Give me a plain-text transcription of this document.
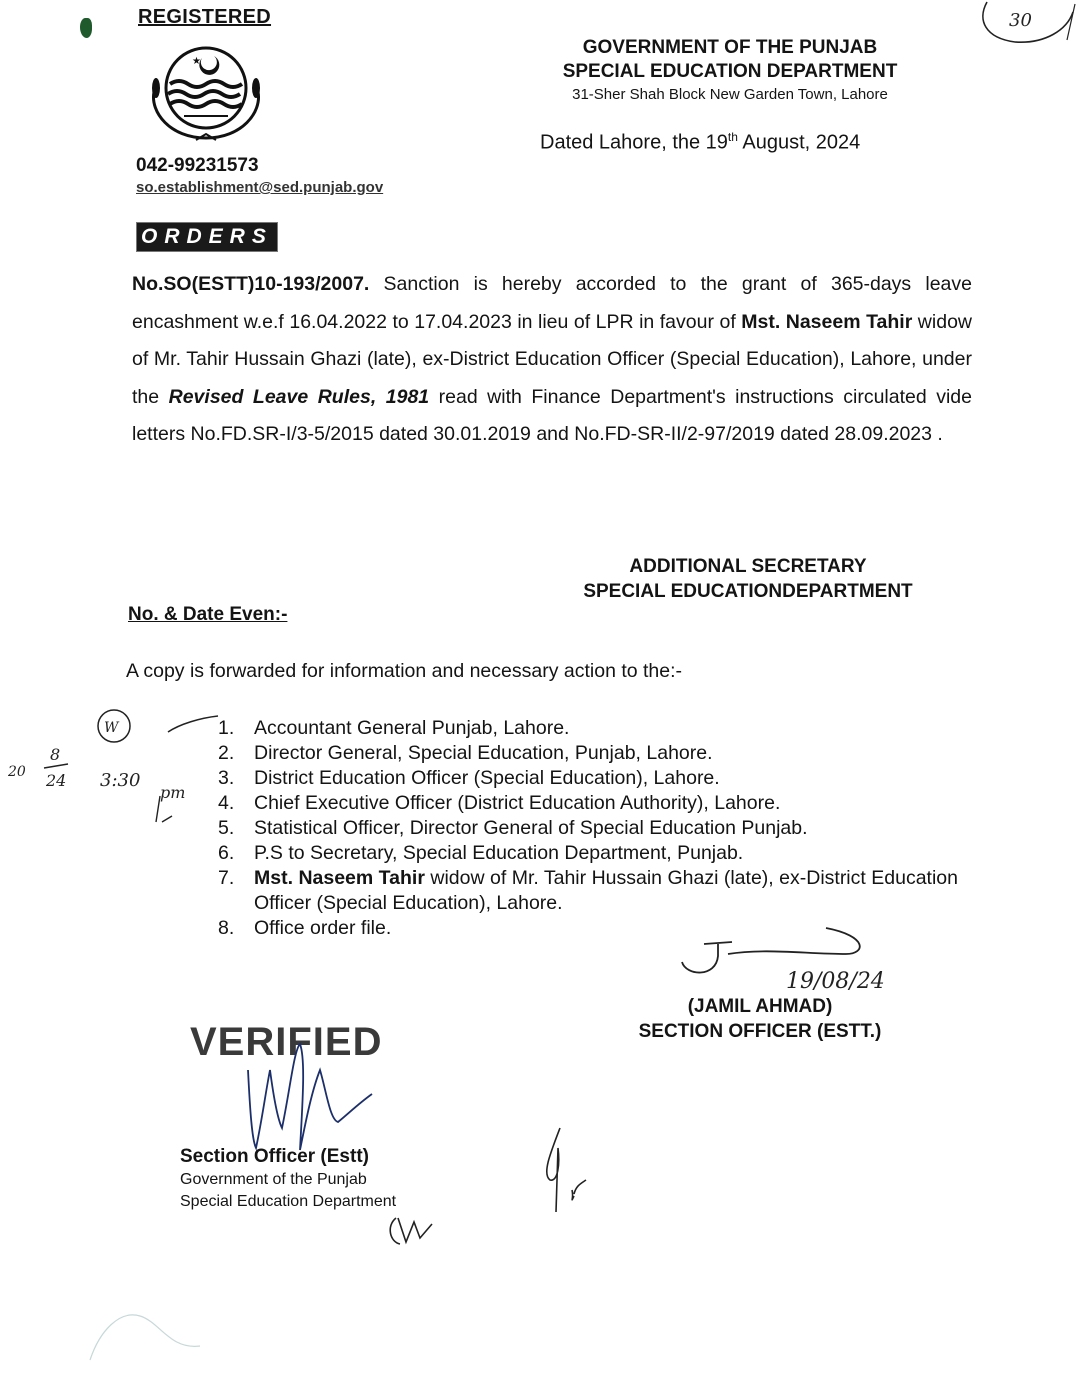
30
REGISTERED
★
042-99231573
so.establishment@sed.punjab.gov
ORDERS
GOVERNMENT OF THE PUNJAB
SPECIAL EDUCATION DEPARTMENT
31-Sher Shah Block New Garden Town, Lahore
Dated Lahore, the 19th August, 2024
No.SO(ESTT)10-193/2007. Sanction is hereby accorded to the grant of 365-days leave encashment w.e.f 16.04.2022 to 17.04.2023 in lieu of LPR in favour of Mst. Naseem Tahir widow of Mr. Tahir Hussain Ghazi (late), ex-District Education Officer (Special Education), Lahore, under the Revised Leave Rules, 1981 read with Finance Department's instructions circulated vide letters No.FD.SR-I/3-5/2015 dated 30.01.2019 and No.FD-SR-II/2-97/2019 dated 28.09.2023 .
ADDITIONAL SECRETARY
SPECIAL EDUCATIONDEPARTMENT
No. & Date Even:-
A copy is forwarded for information and necessary action to the:-
1.	Accountant General Punjab, Lahore.
2.	Director General, Special Education, Punjab, Lahore.
3.	District Education Officer (Special Education), Lahore.
4.	Chief Executive Officer (District Education Authority), Lahore.
5.	Statistical Officer, Director General of Special Education Punjab.
6.	P.S to Secretary, Special Education Department, Punjab.
7.	Mst. Naseem Tahir widow of Mr. Tahir Hussain Ghazi (late), ex-District Education Officer (Special Education), Lahore.
8.	Office order file.
W
20
8
24 3:30
pm
19/08/24
(JAMIL AHMAD)
SECTION OFFICER (ESTT.)
VERIFIED
Section Officer (Estt)
Government of the Punjab
Special Education Department
